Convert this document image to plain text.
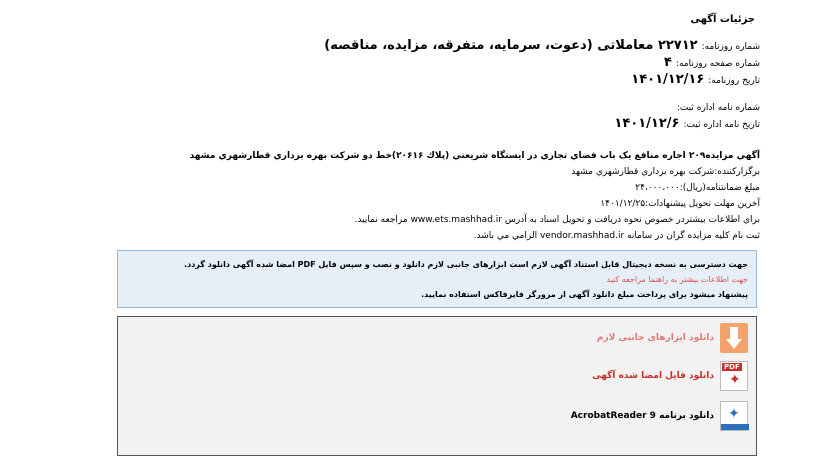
جزئیات آگهی
شماره روزنامه:۲۲۷۱۲ معاملاتی (دعوت، سرمایه، متفرقه، مزایده، مناقصه)
شماره صفحه روزنامه:۴
تاریخ روزنامه:۱۴۰۱/۱۲/۱۶
شماره نامه اداره ثبت:
تاریخ نامه اداره ثبت:۱۴۰۱/۱۲/۶
آگهي مزايده۲۰۹ اجاره منافع يک باب فضاي تجاري در ايستگاه شريعتي (پلاك ۲۰۶۱۶)خط دو شرکت بهره برداري قطارشهري مشهد
برگزارکننده:شرکت بهره برداري قطارشهري مشهد
مبلغ ضمانتنامه(ريال):۲۴،۰۰۰،۰۰۰
آخرين مهلت تحويل پيشنهادات:۱۴۰۱/۱۲/۲۵
براي اطلاعات بيشتردر خصوص نحوه دريافت و تحويل اسناد به آدرس www.ets.mashhad.ir مراجعه نماييد.
ثبت نام کليه مزايده گران در سامانه vendor.mashhad.ir الزامي مي باشد.
جهت دسترسی به نسخه دیجیتال قابل استناد آگهی لازم است ابزارهای جانبی لازم دانلود و نصب و سپس فایل PDF امضا شده آگهی دانلود گردد.
جهت اطلاعات بیشتر به راهنما مراجعه کنید
پیشنهاد میشود برای پرداخت مبلغ دانلود آگهی از مرورگر فایرفاکس استفاده نمایید.
دانلود ابزارهای جانبی لازم
PDF
✦
دانلود فایل امضا شده آگهی
✦
دانلود برنامه AcrobatReader 9
